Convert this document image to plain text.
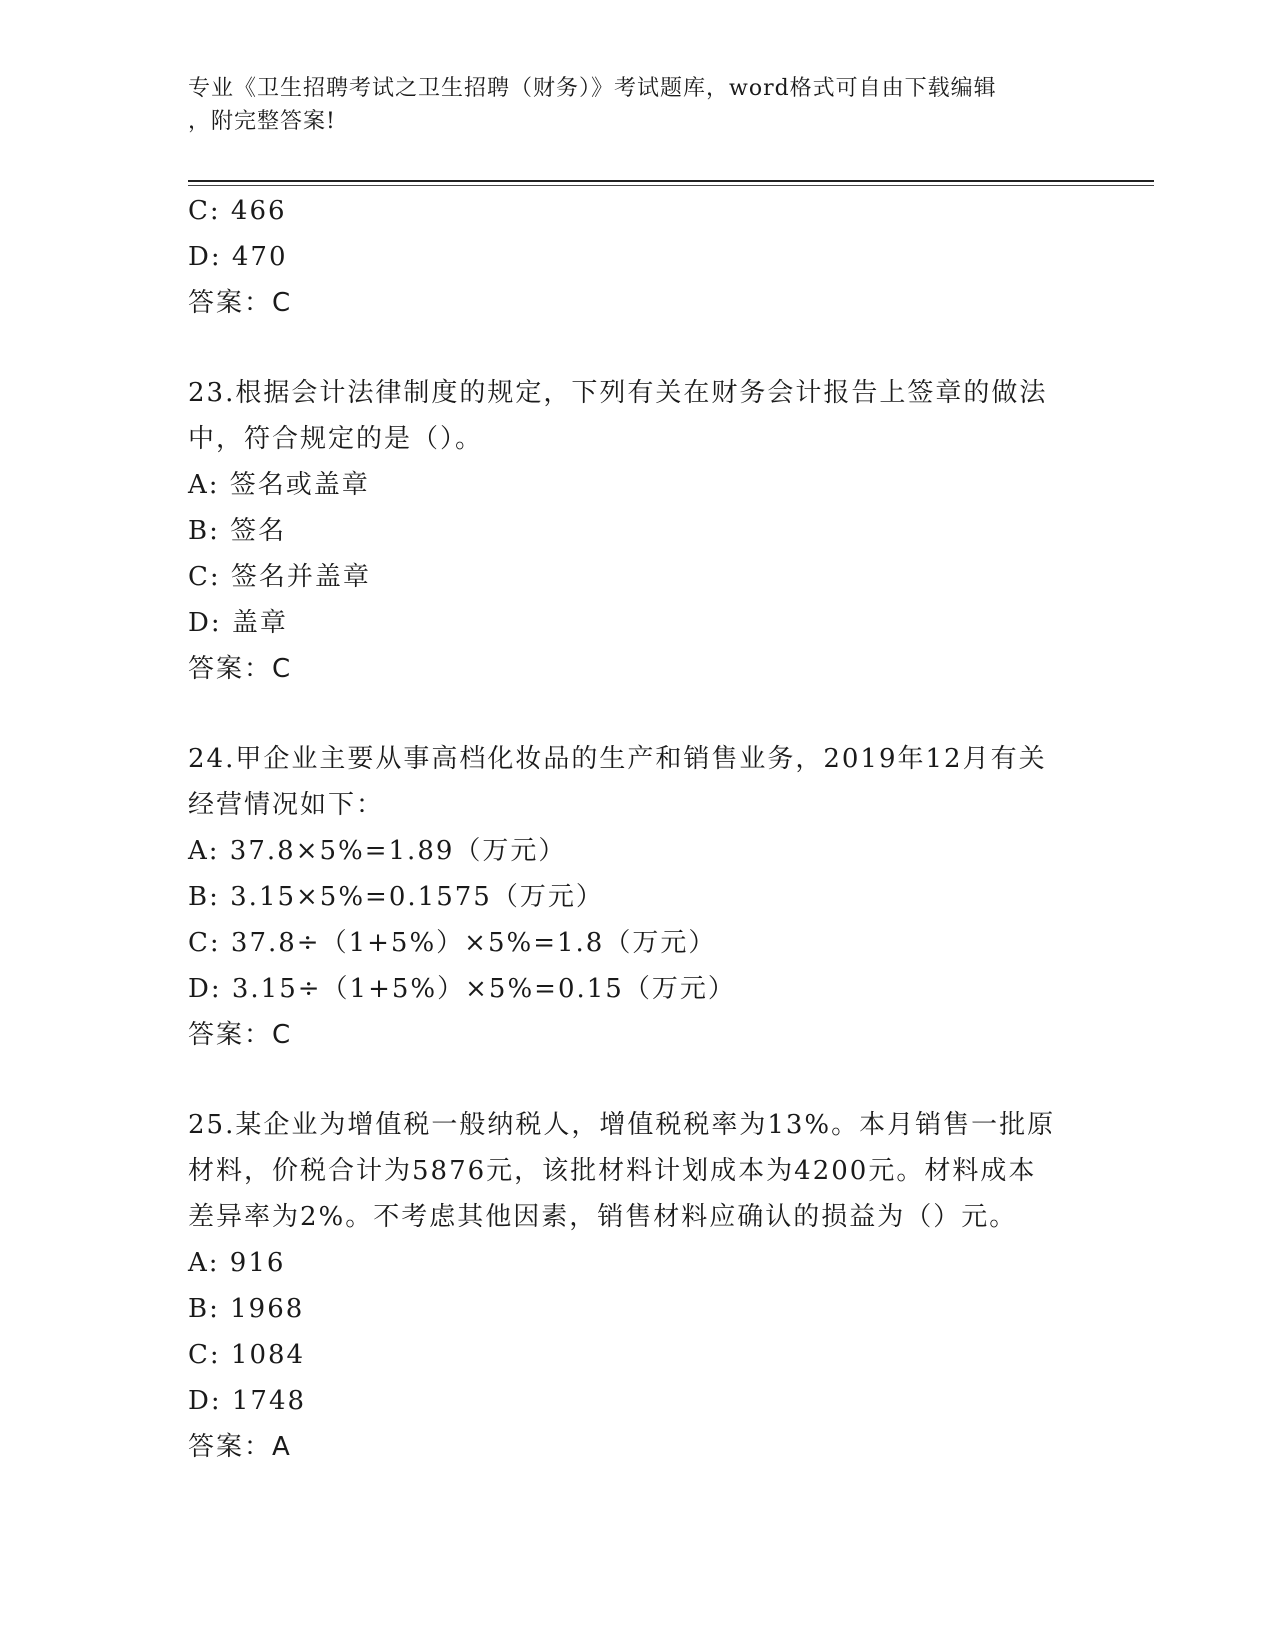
专业《卫生招聘考试之卫生招聘（财务）》考试题库，word格式可自由下载编辑
，附完整答案!
C: 466
D: 470
答案：C
23.根据会计法律制度的规定，下列有关在财务会计报告上签章的做法
中，符合规定的是（）。
A: 签名或盖章
B: 签名
C: 签名并盖章
D: 盖章
答案：C
24.甲企业主要从事高档化妆品的生产和销售业务，2019年12月有关
经营情况如下：
A: 37.8×5%=1.89（万元）
B: 3.15×5%=0.1575（万元）
C: 37.8÷（1+5%）×5%=1.8（万元）
D: 3.15÷（1+5%）×5%=0.15（万元）
答案：C
25.某企业为增值税一般纳税人，增值税税率为13%。本月销售一批原
材料，价税合计为5876元，该批材料计划成本为4200元。材料成本
差异率为2%。不考虑其他因素，销售材料应确认的损益为（）元。
A: 916
B: 1968
C: 1084
D: 1748
答案：A
